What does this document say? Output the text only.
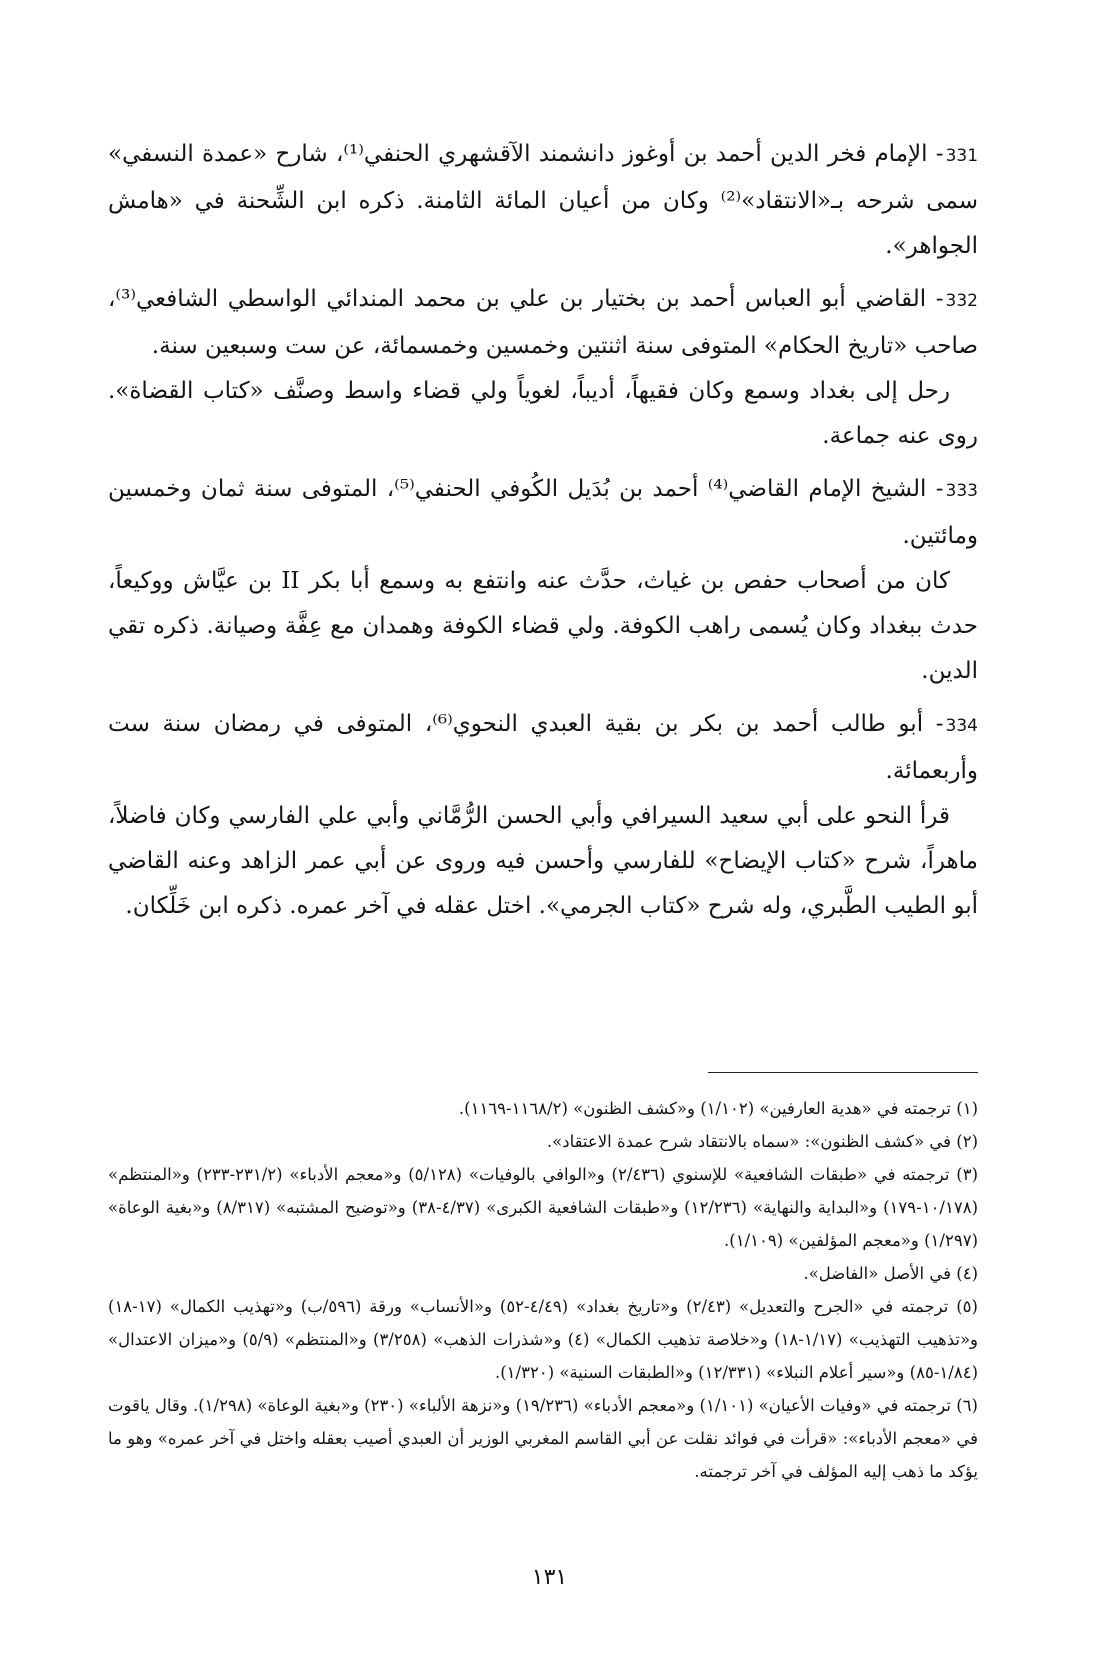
331- الإمام فخر الدين أحمد بن أوغوز دانشمند الآقشهري الحنفي⁽¹⁾، شارح «عمدة النسفي» سمى شرحه بـ«الانتقاد»⁽²⁾ وكان من أعيان المائة الثامنة. ذكره ابن الشِّحنة في «هامش الجواهر».

332- القاضي أبو العباس أحمد بن بختيار بن علي بن محمد المندائي الواسطي الشافعي⁽³⁾، صاحب «تاريخ الحكام» المتوفى سنة اثنتين وخمسين وخمسمائة، عن ست وسبعين سنة.

رحل إلى بغداد وسمع وكان فقيهاً، أديباً، لغوياً ولي قضاء واسط وصنَّف «كتاب القضاة». روى عنه جماعة.

333- الشيخ الإمام القاضي⁽⁴⁾ أحمد بن بُدَيل الكُوفي الحنفي⁽⁵⁾، المتوفى سنة ثمان وخمسين ومائتين.

كان من أصحاب حفص بن غياث، حدَّث عنه وانتفع به وسمع أبا بكر II بن عيَّاش ووكيعاً، حدث ببغداد وكان يُسمى راهب الكوفة. ولي قضاء الكوفة وهمدان مع عِفَّة وصيانة. ذكره تقي الدين.

334- أبو طالب أحمد بن بكر بن بقية العبدي النحوي⁽⁶⁾، المتوفى في رمضان سنة ست وأربعمائة.

قرأ النحو على أبي سعيد السيرافي وأبي الحسن الرُّمَّاني وأبي علي الفارسي وكان فاضلاً، ماهراً، شرح «كتاب الإيضاح» للفارسي وأحسن فيه وروى عن أبي عمر الزاهد وعنه القاضي أبو الطيب الطَّبري، وله شرح «كتاب الجرمي». اختل عقله في آخر عمره. ذكره ابن خَلِّكان.

(١) ترجمته في «هدية العارفين» (١/١٠٢) و«كشف الظنون» (١١٦٨/٢-١١٦٩).

(٢) في «كشف الظنون»: «سماه بالانتقاد شرح عمدة الاعتقاد».

(٣) ترجمته في «طبقات الشافعية» للإسنوي (٢/٤٣٦) و«الوافي بالوفيات» (٥/١٢٨) و«معجم الأدباء» (٢٣١/٢-٢٣٣) و«المنتظم» (١٠/١٧٨-١٧٩) و«البداية والنهاية» (١٢/٢٣٦) و«طبقات الشافعية الكبرى» (٤/٣٧-٣٨) و«توضيح المشتبه» (٨/٣١٧) و«بغية الوعاة» (١/٢٩٧) و«معجم المؤلفين» (١/١٠٩).

(٤) في الأصل «الفاضل».

(٥) ترجمته في «الجرح والتعديل» (٢/٤٣) و«تاريخ بغداد» (٤/٤٩-٥٢) و«الأنساب» ورقة (٥٩٦/ب) و«تهذيب الكمال» (١٧-١٨) و«تذهيب التهذيب» (١/١٧-١٨) و«خلاصة تذهيب الكمال» (٤) و«شذرات الذهب» (٣/٢٥٨) و«المنتظم» (٥/٩) و«ميزان الاعتدال» (١/٨٤-٨٥) و«سير أعلام النبلاء» (١٢/٣٣١) و«الطبقات السنية» (١/٣٢٠).

(٦) ترجمته في «وفيات الأعيان» (١/١٠١) و«معجم الأدباء» (١٩/٢٣٦) و«نزهة الألباء» (٢٣٠) و«بغية الوعاة» (١/٢٩٨). وقال ياقوت في «معجم الأدباء»: «قرأت في فوائد نقلت عن أبي القاسم المغربي الوزير أن العبدي أصيب بعقله واختل في آخر عمره» وهو ما يؤكد ما ذهب إليه المؤلف في آخر ترجمته.

١٣١
